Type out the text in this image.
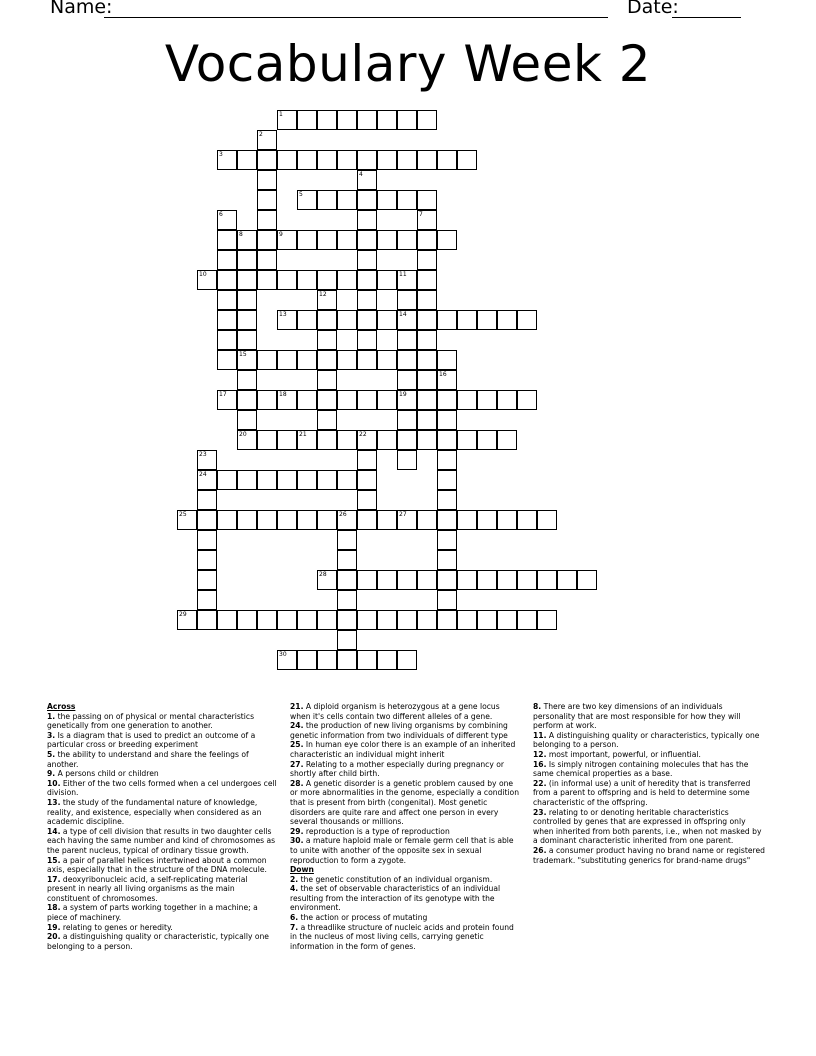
Name:	Date:
Vocabulary Week 2
1
2
3
4
5
6	7
8
15
9
10	11
14
19
12
13
16
17	18
20	21	22
23
24
25	26	27
28
29
30

Across

1. the passing on of physical or mental characteristics genetically from one generation to another.

3. Is a diagram that is used to predict an outcome of a particular cross or breeding experiment

5. the ability to understand and share the feelings of another.

9. A persons child or children

10. Either of the two cells formed when a cel undergoes cell division.

13. the study of the fundamental nature of knowledge, reality, and existence, especially when considered as an academic discipline.

14. a type of cell division that results in two daughter cells each having the same number and kind of chromosomes as the parent nucleus, typical of ordinary tissue growth.

15. a pair of parallel helices intertwined about a common axis, especially that in the structure of the DNA molecule.

17. deoxyribonucleic acid, a self-replicating material present in nearly all living organisms as the main constituent of chromosomes.

18. a system of parts working together in a machine; a piece of machinery.

19. relating to genes or heredity.

20. a distinguishing quality or characteristic, typically one belonging to a person.

21. A diploid organism is heterozygous at a gene locus when it's cells contain two different alleles of a gene.

24. the production of new living organisms by combining genetic information from two individuals of different type

25. In human eye color there is an example of an inherited characteristic an individual might inherit

27. Relating to a mother especially during pregnancy or shortly after child birth.

28. A genetic disorder is a genetic problem caused by one or more abnormalities in the genome, especially a condition that is present from birth (congenital). Most genetic disorders are quite rare and affect one person in every several thousands or millions.

29. reproduction is a type of reproduction

30. a mature haploid male or female germ cell that is able to unite with another of the opposite sex in sexual reproduction to form a zygote.

Down

2. the genetic constitution of an individual organism.

4. the set of observable characteristics of an individual resulting from the interaction of its genotype with the environment.

6. the action or process of mutating

7. a threadlike structure of nucleic acids and protein found in the nucleus of most living cells, carrying genetic information in the form of genes.

8. There are two key dimensions of an individuals personality that are most responsible for how they will perform at work.

11. A distinguishing quality or characteristics, typically one belonging to a person.

12. most important, powerful, or influential.

16. Is simply nitrogen containing molecules that has the same chemical properties as a base.

22. (in informal use) a unit of heredity that is transferred from a parent to offspring and is held to determine some characteristic of the offspring.

23. relating to or denoting heritable characteristics controlled by genes that are expressed in offspring only when inherited from both parents, i.e., when not masked by a dominant characteristic inherited from one parent.

26. a consumer product having no brand name or registered trademark. "substituting generics for brand-name drugs"
